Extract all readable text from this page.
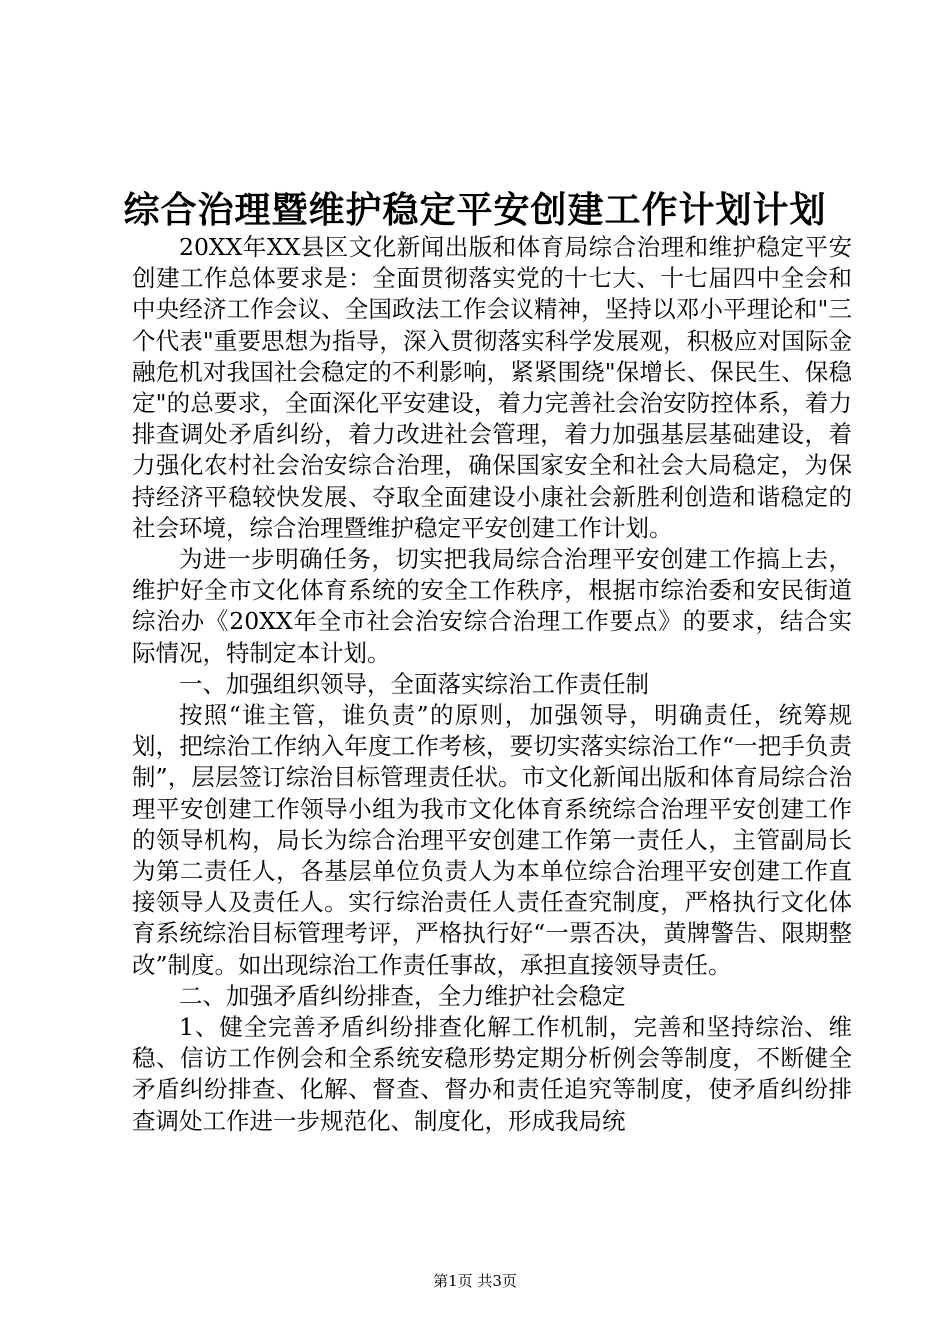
综合治理暨维护稳定平安创建工作计划计划

20XX年XX县区文化新闻出版和体育局综合治理和维护稳定平安创建工作总体要求是：全面贯彻落实党的十七大、十七届四中全会和中央经济工作会议、全国政法工作会议精神，坚持以邓小平理论和"三个代表"重要思想为指导，深入贯彻落实科学发展观，积极应对国际金融危机对我国社会稳定的不利影响，紧紧围绕"保增长、保民生、保稳定"的总要求，全面深化平安建设，着力完善社会治安防控体系，着力排查调处矛盾纠纷，着力改进社会管理，着力加强基层基础建设，着力强化农村社会治安综合治理，确保国家安全和社会大局稳定，为保持经济平稳较快发展、夺取全面建设小康社会新胜利创造和谐稳定的社会环境，综合治理暨维护稳定平安创建工作计划。

为进一步明确任务，切实把我局综合治理平安创建工作搞上去，维护好全市文化体育系统的安全工作秩序，根据市综治委和安民街道综治办《20XX年全市社会治安综合治理工作要点》的要求，结合实际情况，特制定本计划。

一、加强组织领导，全面落实综治工作责任制

按照“谁主管，谁负责”的原则，加强领导，明确责任，统筹规划，把综治工作纳入年度工作考核，要切实落实综治工作“一把手负责制”，层层签订综治目标管理责任状。市文化新闻出版和体育局综合治理平安创建工作领导小组为我市文化体育系统综合治理平安创建工作的领导机构，局长为综合治理平安创建工作第一责任人，主管副局长为第二责任人，各基层单位负责人为本单位综合治理平安创建工作直接领导人及责任人。实行综治责任人责任查究制度，严格执行文化体育系统综治目标管理考评，严格执行好“一票否决，黄牌警告、限期整改”制度。如出现综治工作责任事故，承担直接领导责任。

二、加强矛盾纠纷排查，全力维护社会稳定

1、健全完善矛盾纠纷排查化解工作机制，完善和坚持综治、维稳、信访工作例会和全系统安稳形势定期分析例会等制度，不断健全矛盾纠纷排查、化解、督查、督办和责任追究等制度，使矛盾纠纷排查调处工作进一步规范化、制度化，形成我局统

第1页 共3页
